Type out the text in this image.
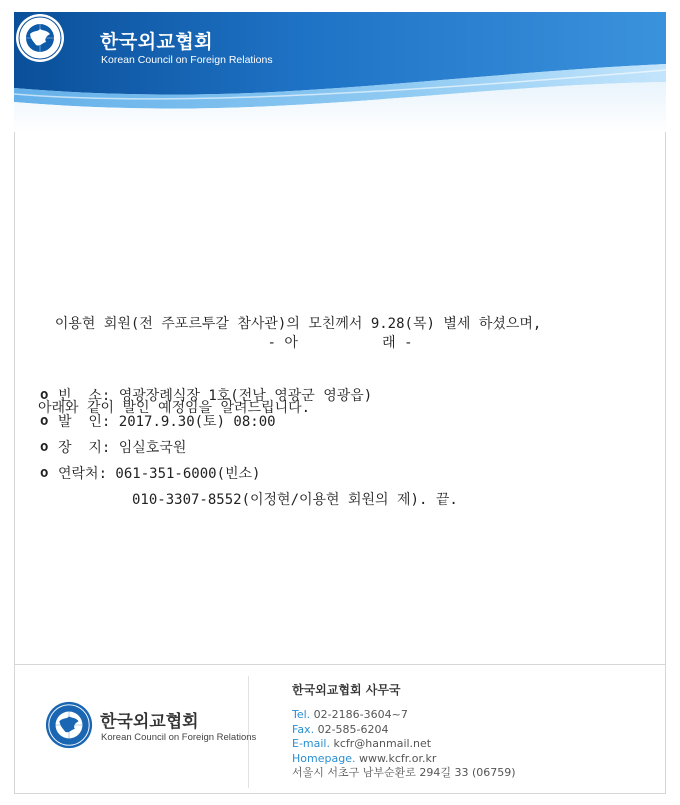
한국외교협회
Korean Council on Foreign Relations

이용현 회원(전 주포르투갈 참사관)의 모친께서 9.28(목) 별세 하셨으며,

아래와 같이 발인 예정임을 알려드립니다.

- 아          래 -
o 빈  소: 영광장례식장 1호(전남 영광군 영광읍)
o 발  인: 2017.9.30(토) 08:00
o 장  지: 임실호국원
o 연락처: 061-351-6000(빈소)
010-3307-8552(이정현/이용현 회원의 제). 끝.
한국외교협회
Korean Council on Foreign Relations
한국외교협회 사무국
Tel. 02-2186-3604~7
Fax. 02-585-6204
E-mail. kcfr@hanmail.net
Homepage. www.kcfr.or.kr
서울시 서초구 남부순환로 294길 33 (06759)
